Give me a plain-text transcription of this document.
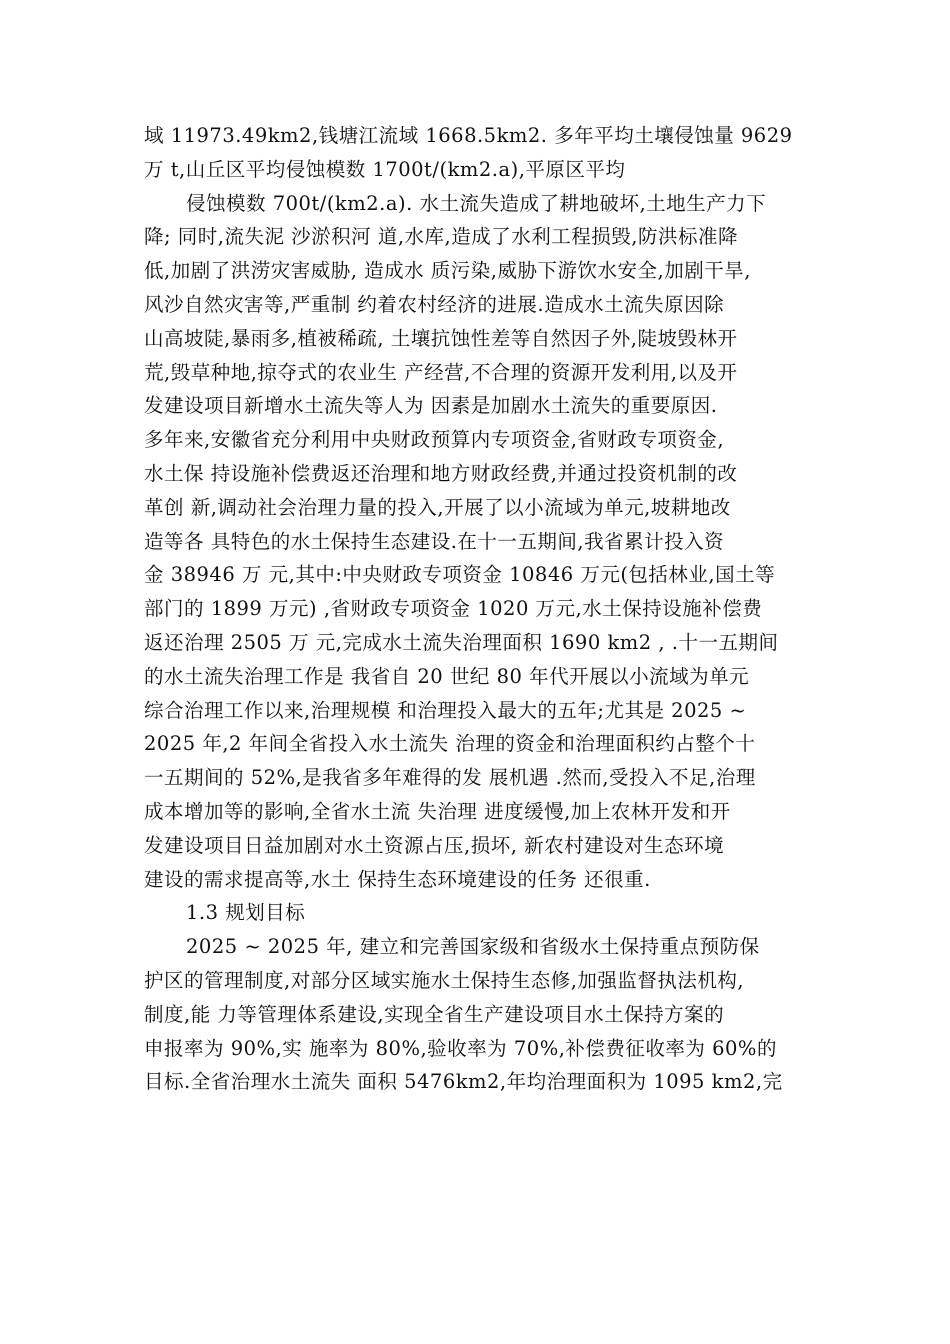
域 11973.49km2,钱塘江流域 1668.5km2. 多年平均土壤侵蚀量 9629
万 t,山丘区平均侵蚀模数 1700t/(km2.a),平原区平均
侵蚀模数 700t/(km2.a). 水土流失造成了耕地破坏,土地生产力下
降; 同时,流失泥 沙淤积河 道,水库,造成了水利工程损毁,防洪标准降
低,加剧了洪涝灾害威胁, 造成水 质污染,威胁下游饮水安全,加剧干旱,
风沙自然灾害等,严重制 约着农村经济的进展.造成水土流失原因除
山高坡陡,暴雨多,植被稀疏, 土壤抗蚀性差等自然因子外,陡坡毁林开
荒,毁草种地,掠夺式的农业生 产经营,不合理的资源开发利用,以及开
发建设项目新增水土流失等人为 因素是加剧水土流失的重要原因.
多年来,安徽省充分利用中央财政预算内专项资金,省财政专项资金,
水土保 持设施补偿费返还治理和地方财政经费,并通过投资机制的改
革创 新,调动社会治理力量的投入,开展了以小流域为单元,坡耕地改
造等各 具特色的水土保持生态建设.在十一五期间,我省累计投入资
金 38946 万 元,其中:中央财政专项资金 10846 万元(包括林业,国土等
部门的 1899 万元) ,省财政专项资金 1020 万元,水土保持设施补偿费
返还治理 2505 万 元,完成水土流失治理面积 1690 km2 , .十一五期间
的水土流失治理工作是 我省自 20 世纪 80 年代开展以小流域为单元
综合治理工作以来,治理规模 和治理投入最大的五年;尤其是 2025 ~
2025 年,2 年间全省投入水土流失 治理的资金和治理面积约占整个十
一五期间的 52%,是我省多年难得的发 展机遇 .然而,受投入不足,治理
成本增加等的影响,全省水土流 失治理 进度缓慢,加上农林开发和开
发建设项目日益加剧对水土资源占压,损坏, 新农村建设对生态环境
建设的需求提高等,水土 保持生态环境建设的任务 还很重.
1.3 规划目标
2025 ~ 2025 年, 建立和完善国家级和省级水土保持重点预防保
护区的管理制度,对部分区域实施水土保持生态修,加强监督执法机构,
制度,能 力等管理体系建设,实现全省生产建设项目水土保持方案的
申报率为 90%,实 施率为 80%,验收率为 70%,补偿费征收率为 60%的
目标.全省治理水土流失 面积 5476km2,年均治理面积为 1095 km2,完
